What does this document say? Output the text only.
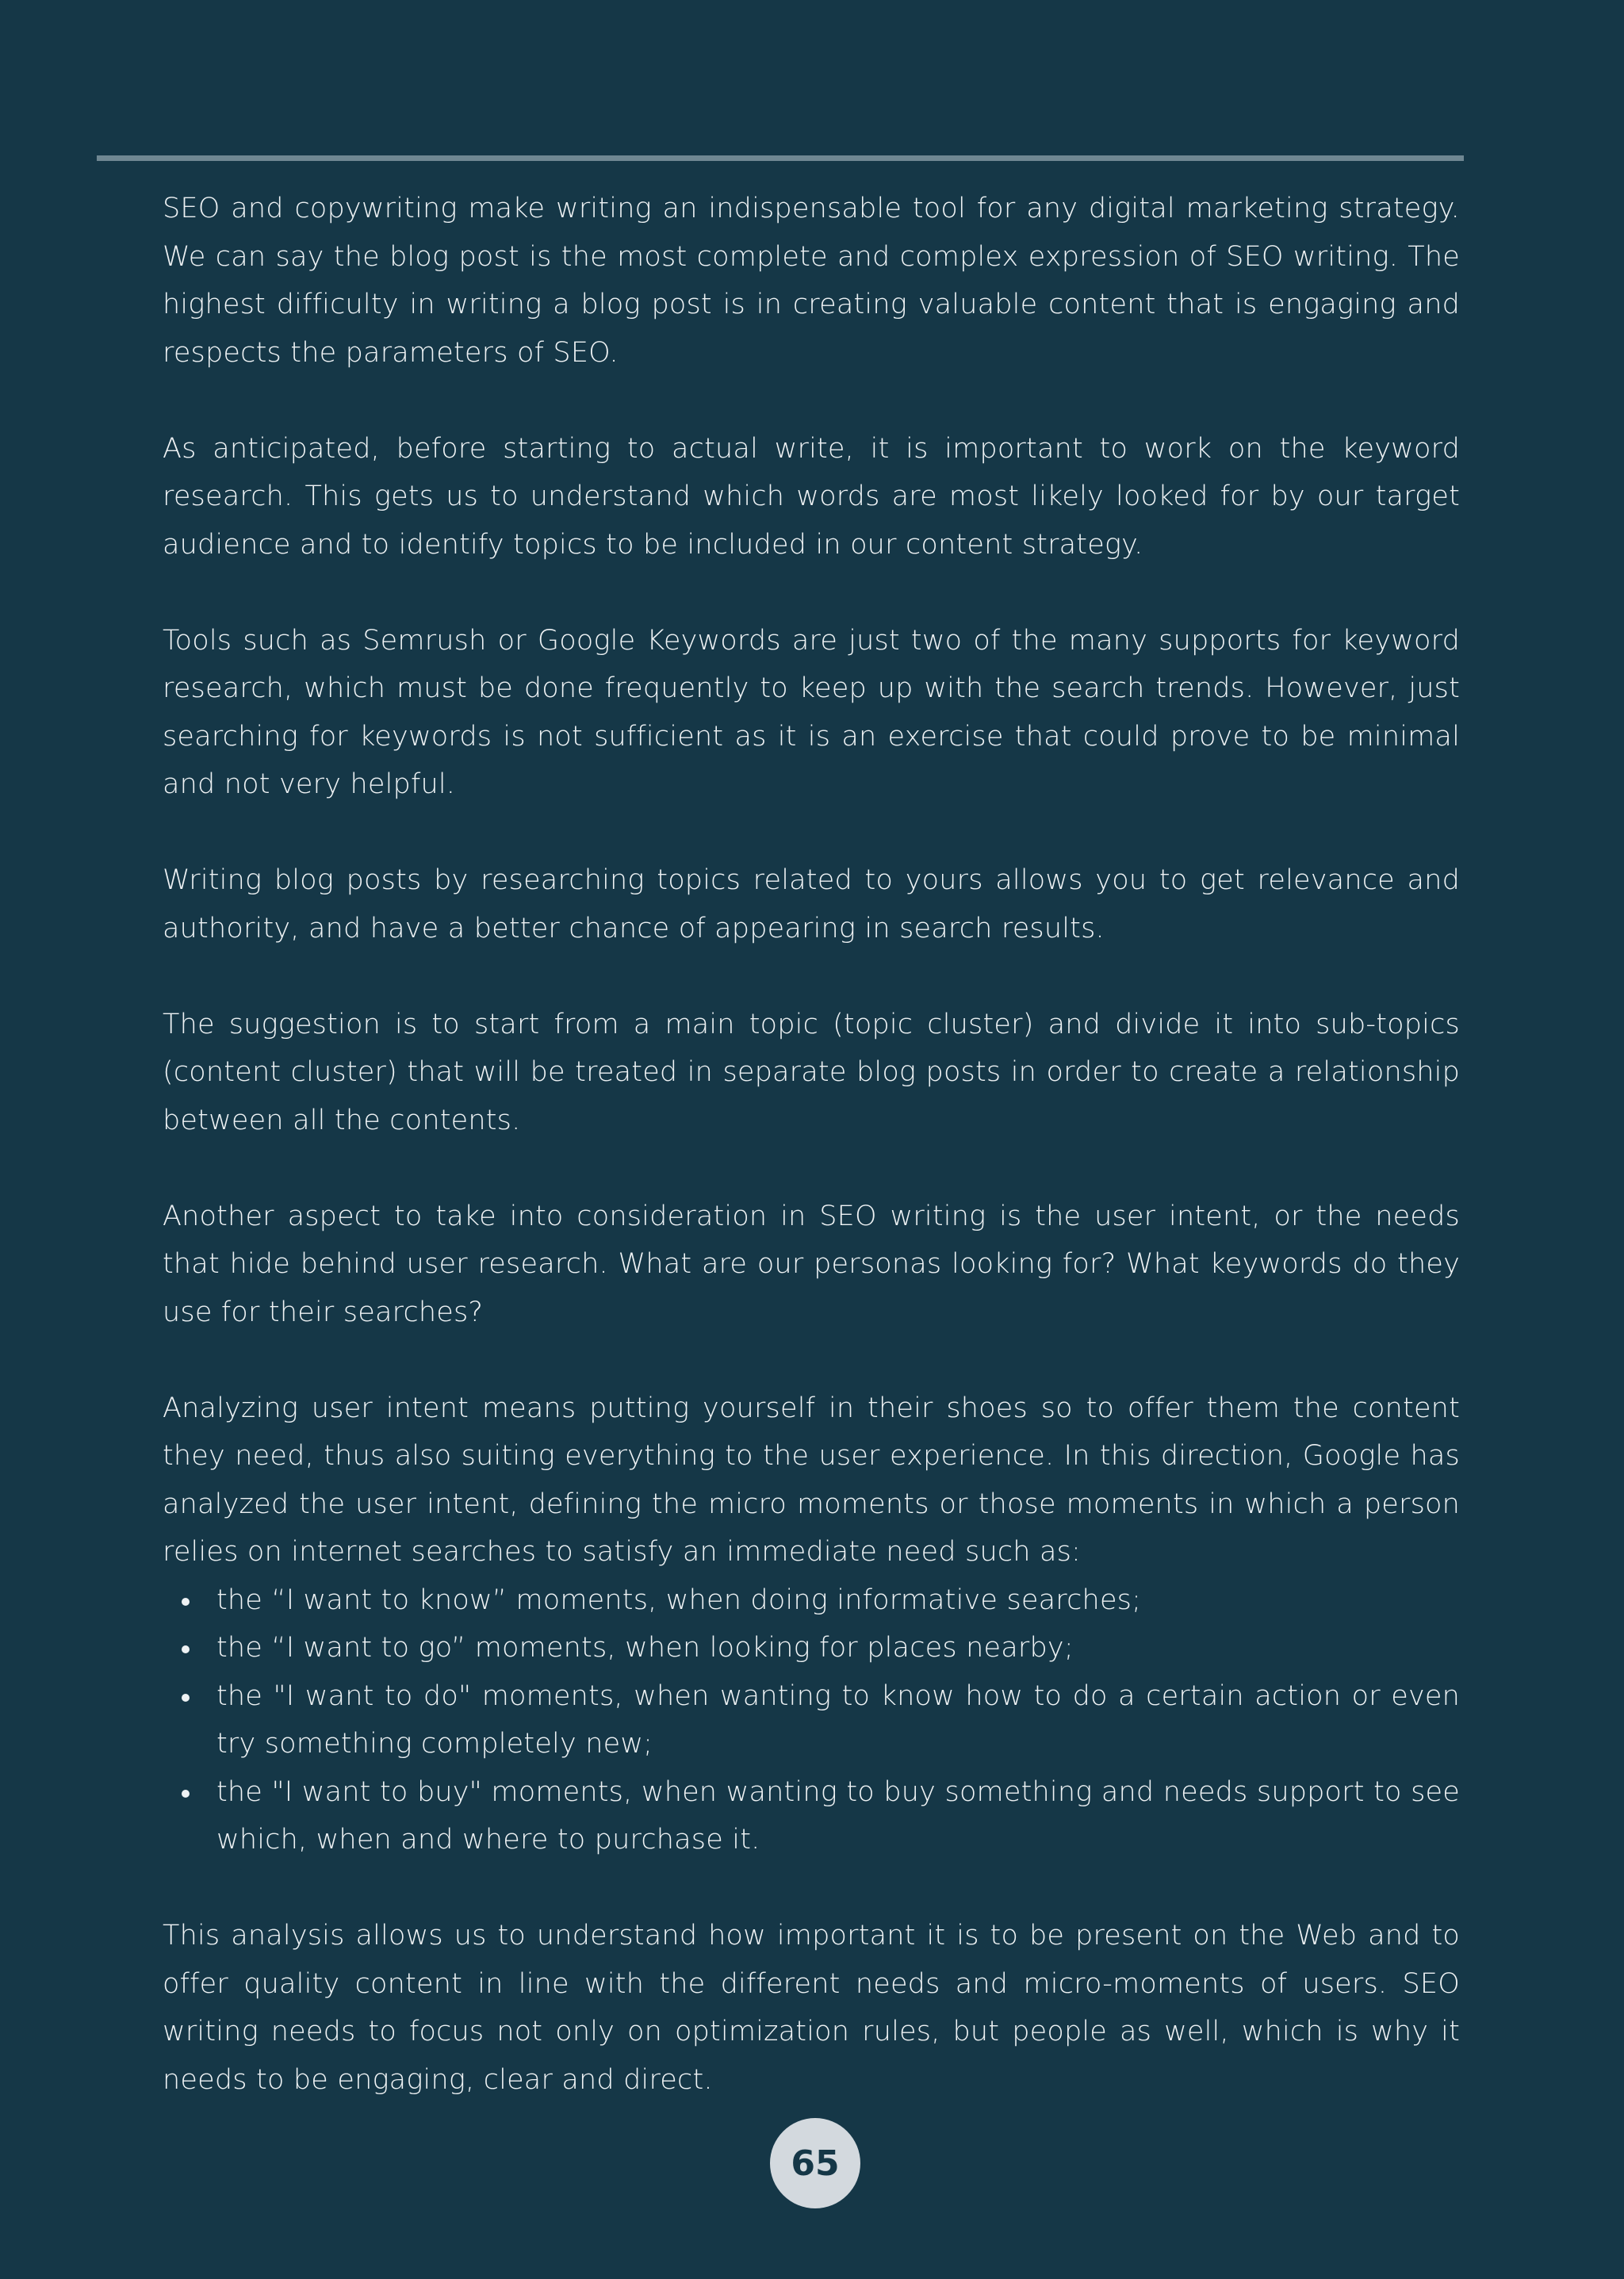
SEO and copywriting make writing an indispensable tool for any digital marketing strategy. We can say the blog post is the most complete and complex expression of SEO writing. The highest difficulty in writing a blog post is in creating valuable content that is engaging and respects the parameters of SEO.

As anticipated, before starting to actual write, it is important to work on the keyword research. This gets us to understand which words are most likely looked for by our target audience and to identify topics to be included in our content strategy.

Tools such as Semrush or Google Keywords are just two of the many supports for keyword research, which must be done frequently to keep up with the search trends. However, just searching for keywords is not sufficient as it is an exercise that could prove to be minimal and not very helpful.

Writing blog posts by researching topics related to yours allows you to get relevance and authority, and have a better chance of appearing in search results.

The suggestion is to start from a main topic (topic cluster) and divide it into sub-topics (content cluster) that will be treated in separate blog posts in order to create a relationship between all the contents.

Another aspect to take into consideration in SEO writing is the user intent, or the needs that hide behind user research. What are our personas looking for? What keywords do they use for their searches?

Analyzing user intent means putting yourself in their shoes so to offer them the content they need, thus also suiting everything to the user experience. In this direction, Google has analyzed the user intent, defining the micro moments or those moments in which a person relies on internet searches to satisfy an immediate need such as:

the “I want to know” moments, when doing informative searches;
the “I want to go” moments, when looking for places nearby;
the "I want to do" moments, when wanting to know how to do a certain action or even try something completely new;
the "I want to buy" moments, when wanting to buy something and needs support to see which, when and where to purchase it.

This analysis allows us to understand how important it is to be present on the Web and to offer quality content in line with the different needs and micro-moments of users. SEO writing needs to focus not only on optimization rules, but people as well, which is why it needs to be engaging, clear and direct.

65
